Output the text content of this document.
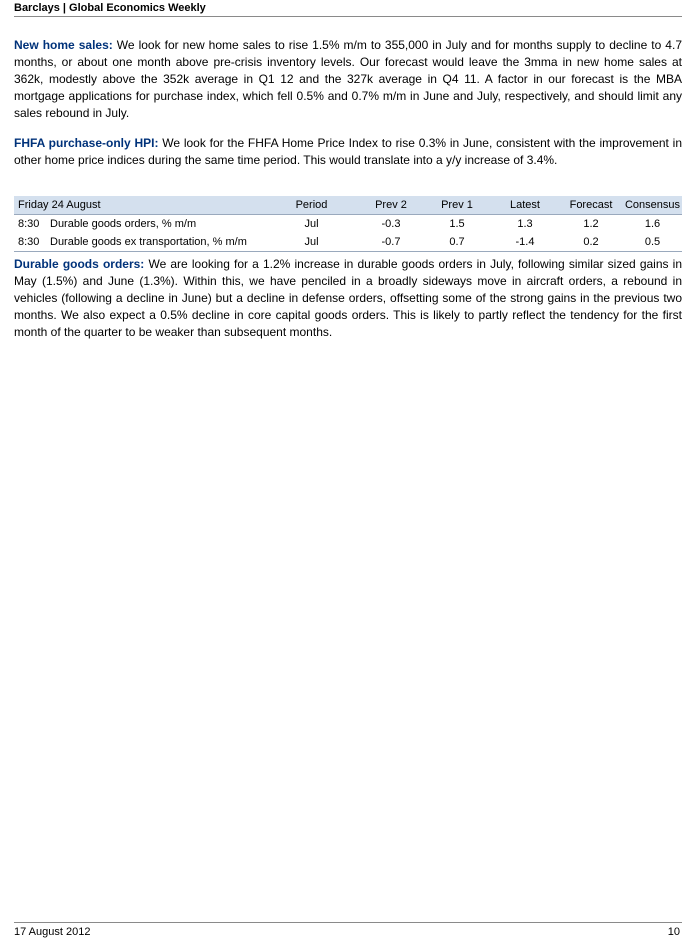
Barclays | Global Economics Weekly

New home sales: We look for new home sales to rise 1.5% m/m to 355,000 in July and for months supply to decline to 4.7 months, or about one month above pre-crisis inventory levels. Our forecast would leave the 3mma in new home sales at 362k, modestly above the 352k average in Q1 12 and the 327k average in Q4 11. A factor in our forecast is the MBA mortgage applications for purchase index, which fell 0.5% and 0.7% m/m in June and July, respectively, and should limit any sales rebound in July.

FHFA purchase-only HPI: We look for the FHFA Home Price Index to rise 0.3% in June, consistent with the improvement in other home price indices during the same time period. This would translate into a y/y increase of 3.4%.

Friday 24 August		Period	Prev 2	Prev 1	Latest	Forecast	Consensus
8:30	Durable goods orders, % m/m	Jul	-0.3	1.5	1.3	1.2	1.6
8:30	Durable goods ex transportation, % m/m	Jul	-0.7	0.7	-1.4	0.2	0.5

Durable goods orders: We are looking for a 1.2% increase in durable goods orders in July, following similar sized gains in May (1.5%) and June (1.3%). Within this, we have penciled in a broadly sideways move in aircraft orders, a rebound in vehicles (following a decline in June) but a decline in defense orders, offsetting some of the strong gains in the previous two months. We also expect a 0.5% decline in core capital goods orders. This is likely to partly reflect the tendency for the first month of the quarter to be weaker than subsequent months.

17 August 2012	10
